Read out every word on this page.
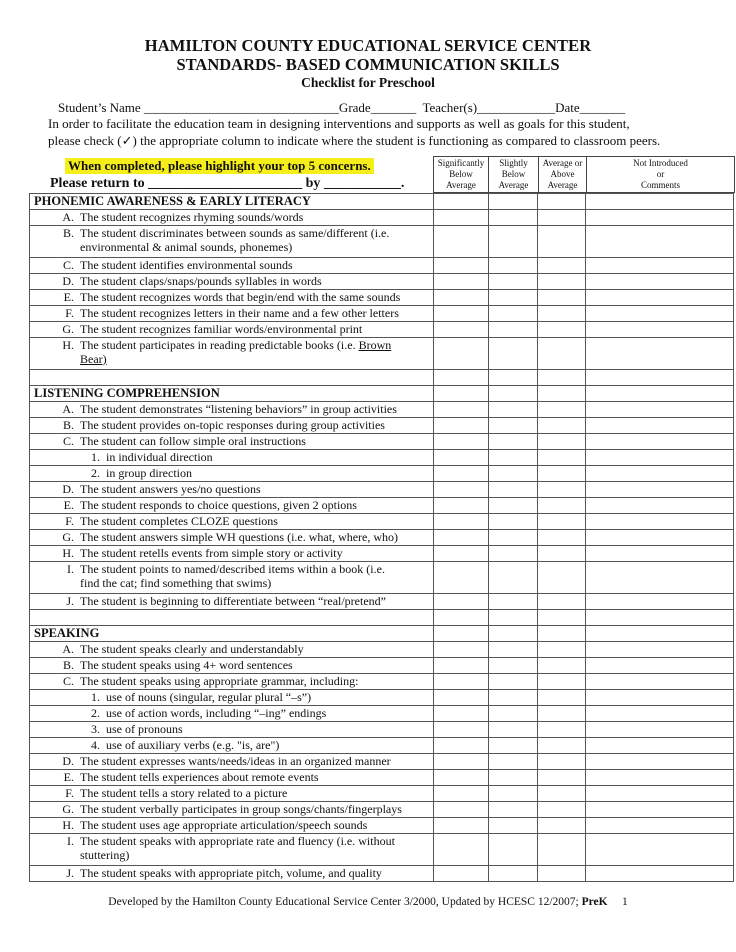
HAMILTON COUNTY EDUCATIONAL SERVICE CENTER
STANDARDS- BASED COMMUNICATION SKILLS
Checklist for Preschool
Student’s Name ______________________________Grade_______  Teacher(s)____________Date_______
In order to facilitate the education team in designing interventions and supports as well as goals for this student,
please check (✓) the appropriate column to indicate where the student is functioning as compared to classroom peers.
When completed, please highlight your top 5 concerns.
Please return to ______________________ by ___________.
Significantly
Below
Average

Slightly
Below
Average

Average or
Above
Average

Not Introduced
or
Comments
PHONEMIC AWARENESS & EARLY LITERACY				
A. The student recognizes rhyming sounds/words				
B. The student discriminates between sounds as same/different (i.e.
environmental & animal sounds, phonemes)				

C. The student identifies environmental sounds				
D. The student claps/snaps/pounds syllables in words				
E. The student recognizes words that begin/end with the same sounds				
F. The student recognizes letters in their name and a few other letters				
G. The student recognizes familiar words/environmental print				
H. The student participates in reading predictable books (i.e. Brown
Bear)				

LISTENING COMPREHENSION				
A. The student demonstrates “listening behaviors” in group activities				
B. The student provides on-topic responses during group activities				
C. The student can follow simple oral instructions				
1. in individual direction				
2. in group direction				
D. The student answers yes/no questions				
E. The student responds to choice questions, given 2 options				
F. The student completes CLOZE questions				
G. The student answers simple WH questions (i.e. what, where, who)				
H. The student retells events from simple story or activity				
I. The student points to named/described items within a book (i.e.
find the cat; find something that swims)				

J. The student is beginning to differentiate between “real/pretend”				

SPEAKING				
A. The student speaks clearly and understandably				
B. The student speaks using 4+ word sentences				
C. The student speaks using appropriate grammar, including:				
1. use of nouns (singular, regular plural “–s”)				
2. use of action words, including “–ing” endings				
3. use of pronouns				
4. use of auxiliary verbs (e.g. "is, are")				
D. The student expresses wants/needs/ideas in an organized manner				
E. The student tells experiences about remote events				
F. The student tells a story related to a picture				
G. The student verbally participates in group songs/chants/fingerplays				
H. The student uses age appropriate articulation/speech sounds				
I. The student speaks with appropriate rate and fluency (i.e. without
stuttering)				

J. The student speaks with appropriate pitch, volume, and quality				
Developed by the Hamilton County Educational Service Center 3/2000, Updated by HCESC 12/2007; PreK 1
